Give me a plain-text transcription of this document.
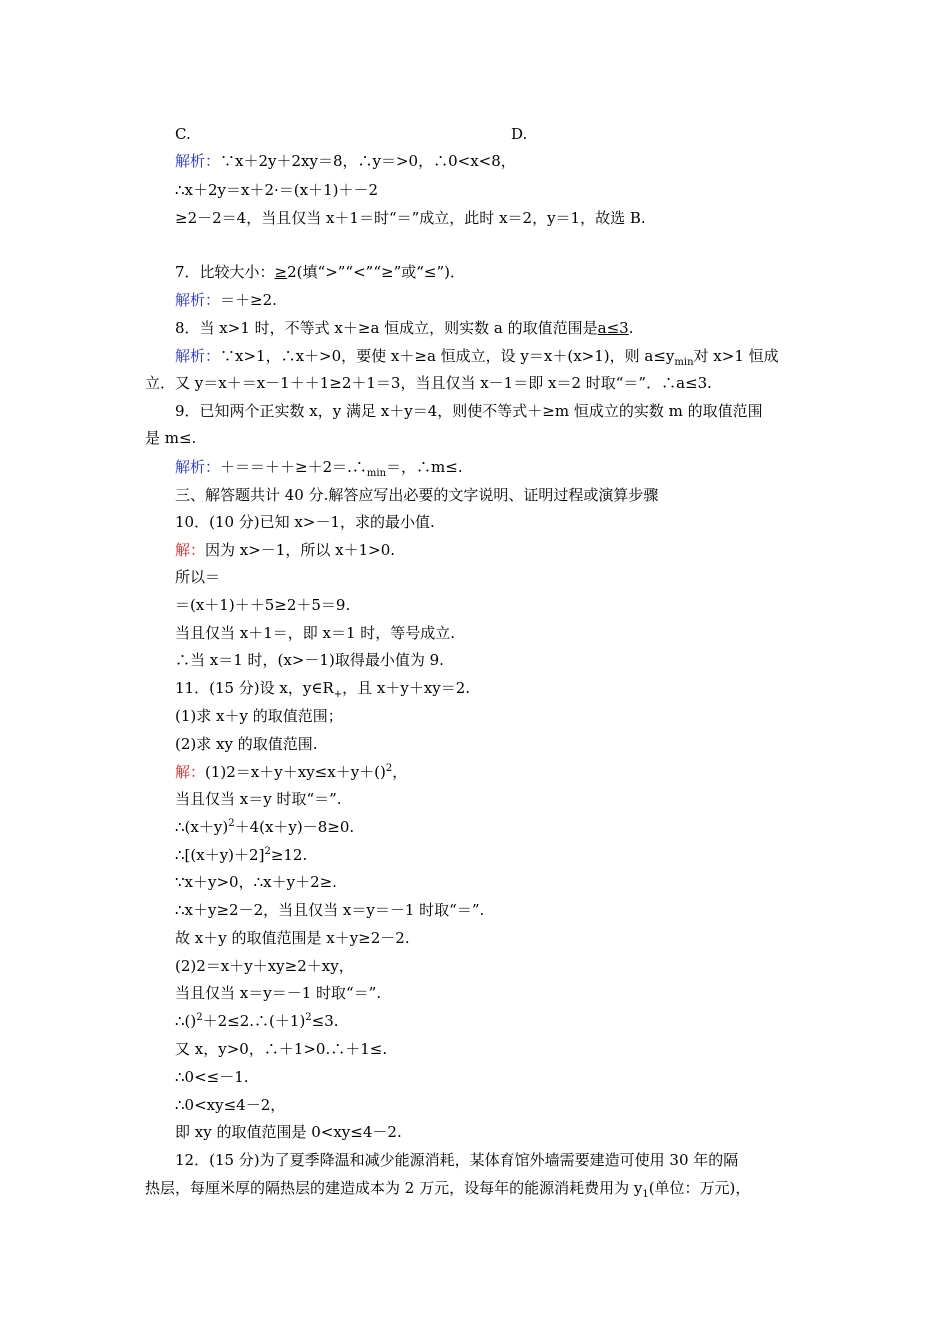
C.	D.
解析：∵x＋2y＋2xy＝8，∴y＝>0，∴0<x<8，
∴x＋2y＝x＋2·＝(x＋1)＋－2
≥2－2＝4，当且仅当 x＋1＝时“＝”成立，此时 x＝2，y＝1，故选 B.
7．比较大小：≥2(填“>”“<”“≥”或“≤”)．
解析：＝＋≥2.
8．当 x>1 时，不等式 x＋≥a 恒成立，则实数 a 的取值范围是a≤3.
解析：∵x>1，∴x＋>0，要使 x＋≥a 恒成立，设 y＝x＋(x>1)，则 $a\le y_{min}$对 x>1 恒成
立．又 y＝x＋＝x－1＋＋1≥2＋1＝3，当且仅当 x－1＝即 x＝2 时取“＝”．∴a≤3.
9．已知两个正实数 x，y 满足 x＋y＝4，则使不等式＋≥m 恒成立的实数 m 的取值范围
是 m≤.
解析：$+==++\ge+2=.\therefore_{min}=$，∴m≤.
三、解答题共计 40 分.解答应写出必要的文字说明、证明过程或演算步骤
10．(10 分)已知 x>－1，求的最小值.
解：因为 x>－1，所以 x＋1>0.
所以＝
＝(x＋1)＋＋5≥2＋5＝9.
当且仅当 x＋1＝，即 x＝1 时，等号成立.
∴当 x＝1 时，(x>－1)取得最小值为 9.
11．(15 分)设 x，$y\in R_+$，且 x＋y＋xy＝2.
(1)求 x＋y 的取值范围；
(2)求 xy 的取值范围.
解：(1)2＝x＋y＋xy≤x＋y＋()$^2$，
当且仅当 x＝y 时取“＝”.
$\therefore(x+y)^2+4(x+y)-8\ge 0$.
$\therefore[(x+y)+2]^2\ge 12$.
∵x＋y>0，∴x＋y＋2≥.
∴x＋y≥2－2，当且仅当 x＝y＝－1 时取“＝”.
故 x＋y 的取值范围是 x＋y≥2－2.
(2)2＝x＋y＋xy≥2＋xy，
当且仅当 x＝y＝－1 时取“＝”.
$\therefore()^2+2\le 2.\therefore(+1)^2\le 3$.
又 x，y>0，∴＋1>0.∴＋1≤.
∴0<≤－1.
∴0<xy≤4－2，
即 xy 的取值范围是 0<xy≤4－2.
12．(15 分)为了夏季降温和减少能源消耗，某体育馆外墙需要建造可使用 30 年的隔
热层，每厘米厚的隔热层的建造成本为 2 万元，设每年的能源消耗费用为 $y_1$(单位：万元)，
